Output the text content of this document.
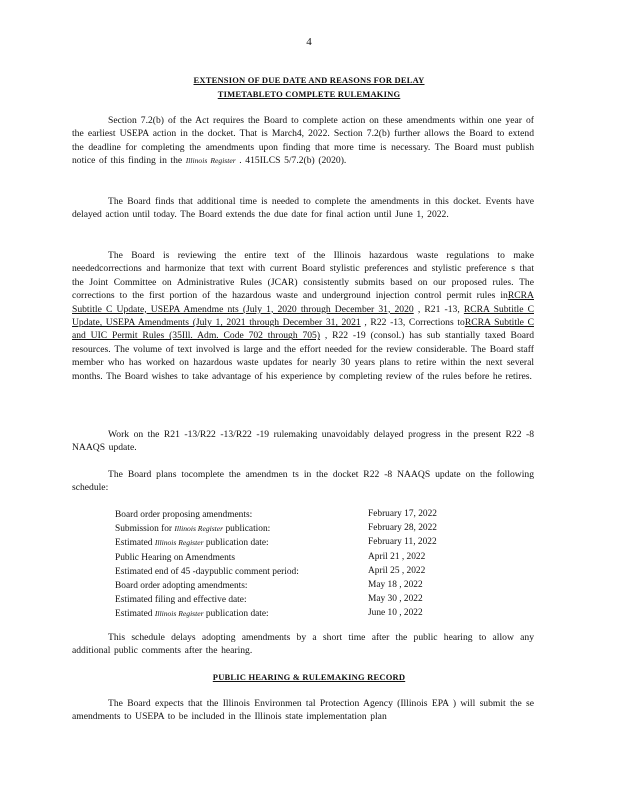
4
EXTENSION OF DUE DATE AND REASONS FOR DELAY
TIMETABLETO COMPLETE RULEMAKING
Section 7.2(b) of the Act requires the Board to complete action on these amendments within one year of the earliest USEPA action in the docket. That is March4, 2022. Section 7.2(b) further allows the Board to extend the deadline for completing the amendments upon finding that more time is necessary. The Board must publish notice of this finding in the Illinois Register . 415ILCS 5/7.2(b) (2020).
The Board finds that additional time is needed to complete the amendments in this docket. Events have delayed action until today. The Board extends the due date for final action until June 1, 2022.
The Board is reviewing the entire text of the Illinois hazardous waste regulations to make neededcorrections and harmonize that text with current Board stylistic preferences and stylistic preference s that the Joint Committee on Administrative Rules (JCAR) consistently submits based on our proposed rules. The corrections to the first portion of the hazardous waste and underground injection control permit rules inRCRA Subtitle C Update, USEPA Amendme nts (July 1, 2020 through December 31, 2020 , R21 -13, RCRA Subtitle C Update, USEPA Amendments (July 1, 2021 through December 31, 2021 , R22 -13, Corrections toRCRA Subtitle C and UIC Permit Rules (35Ill. Adm. Code 702 through 705) , R22 -19 (consol.) has sub stantially taxed Board resources. The volume of text involved is large and the effort needed for the review considerable. The Board staff member who has worked on hazardous waste updates for nearly 30 years plans to retire within the next several months. The Board wishes to take advantage of his experience by completing review of the rules before he retires.
Work on the R21 -13/R22 -13/R22 -19 rulemaking unavoidably delayed progress in the present R22 -8 NAAQS update.
The Board plans tocomplete the amendmen ts in the docket R22 -8 NAAQS update on the following schedule:
Board order proposing amendments:	February 17, 2022
Submission for Illinois Register publication:	February 28, 2022
Estimated Illinois Register publication date:	February 11, 2022
Public Hearing on Amendments	April 21 , 2022
Estimated end of 45 -daypublic comment period:	April 25 , 2022
Board order adopting amendments:	May 18 , 2022
Estimated filing and effective date:	May 30 , 2022
Estimated Illinois Register publication date:	June 10 , 2022
This schedule delays adopting amendments by a short time after the public hearing to allow any additional public comments after the hearing.
PUBLIC HEARING & RULEMAKING RECORD
The Board expects that the Illinois Environmen tal Protection Agency (Illinois EPA ) will submit the se amendments to USEPA to be included in the Illinois state implementation plan
